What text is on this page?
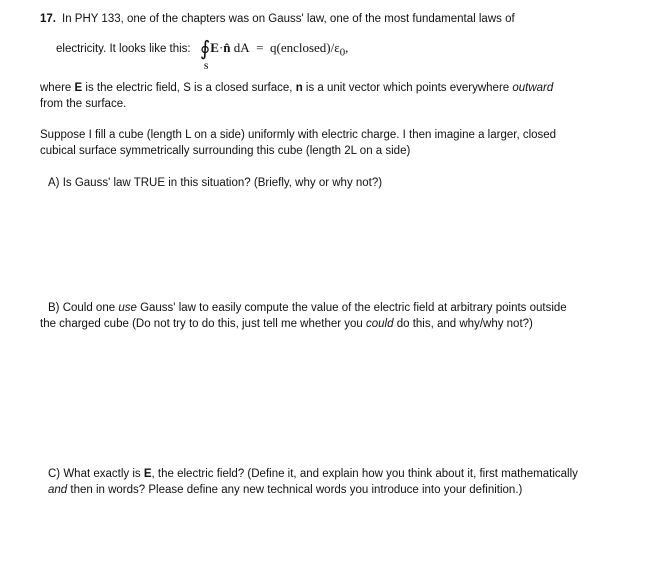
17. In PHY 133, one of the chapters was on Gauss' law, one of the most fundamental laws of
electricity. It looks like this: ∮
S
E·n̂ dA = $q(enclosed)/\varepsilon_0$,
where E is the electric field, S is a closed surface, n is a unit vector which points everywhere outward
from the surface.
Suppose I fill a cube (length L on a side) uniformly with electric charge. I then imagine a larger, closed
cubical surface symmetrically surrounding this cube (length 2L on a side)
A) Is Gauss' law TRUE in this situation? (Briefly, why or why not?)
B) Could one use Gauss' law to easily compute the value of the electric field at arbitrary points outside

the charged cube (Do not try to do this, just tell me whether you could do this, and why/why not?)
C) What exactly is E, the electric field? (Define it, and explain how you think about it, first mathematically
and then in words? Please define any new technical words you introduce into your definition.)
